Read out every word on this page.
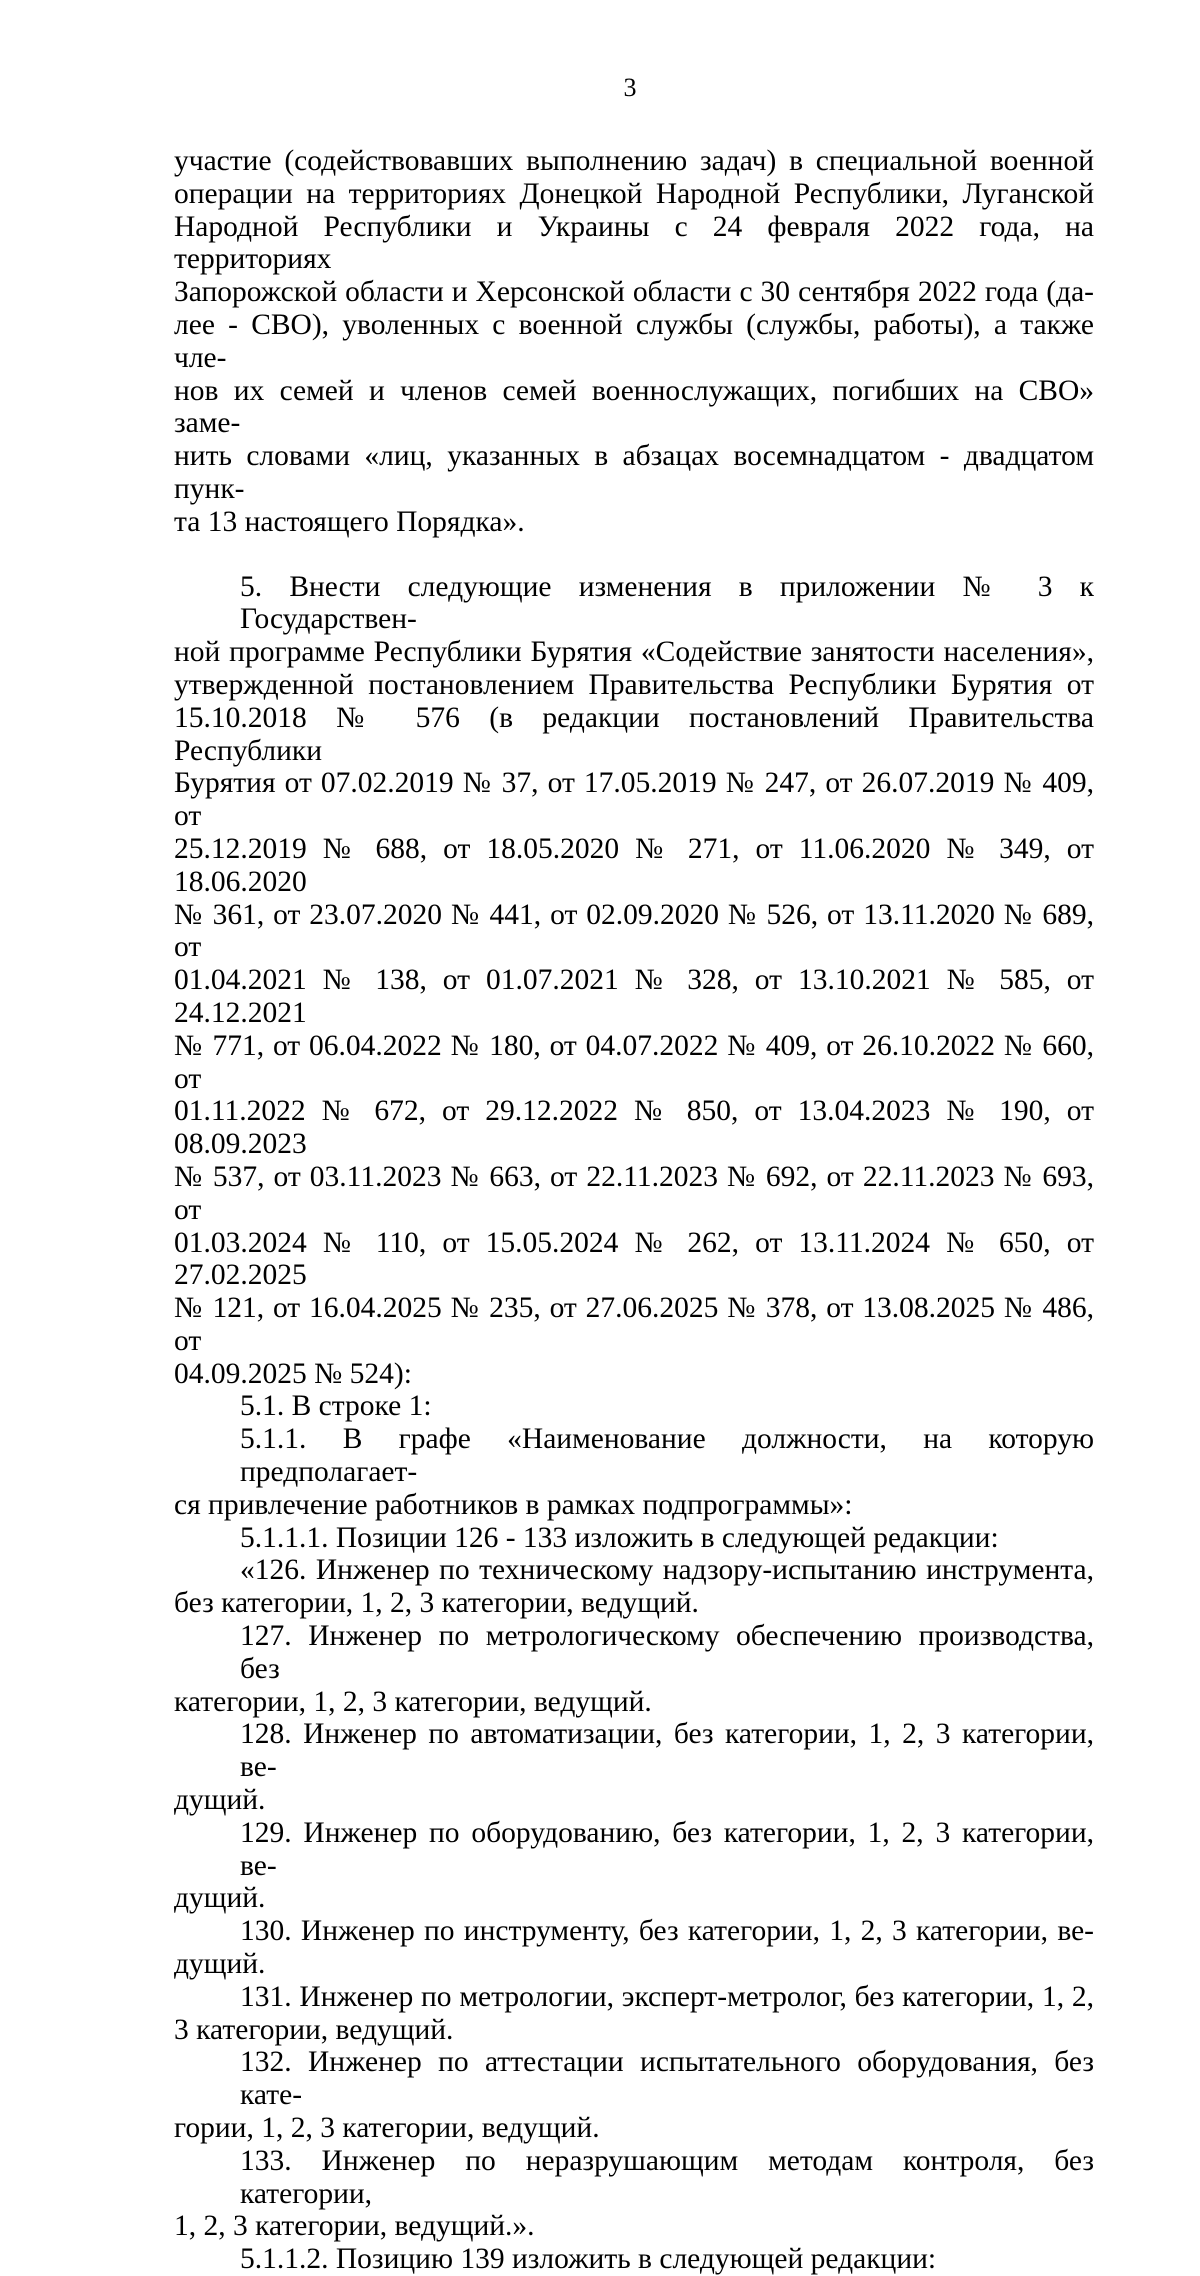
3

участие (содействовавших выполнению задач) в специальной военной

операции на территориях Донецкой Народной Республики, Луганской

Народной Республики и Украины с 24 февраля 2022 года, на территориях

Запорожской области и Херсонской области с 30 сентября 2022 года (да-

лее - СВО), уволенных с военной службы (службы, работы), а также чле-

нов их семей и членов семей военнослужащих, погибших на СВО» заме-

нить словами «лиц, указанных в абзацах восемнадцатом - двадцатом пунк-

та 13 настоящего Порядка».

5. Внести следующие изменения в приложении № 3 к Государствен-

ной программе Республики Бурятия «Содействие занятости населения»,

утвержденной постановлением Правительства Республики Бурятия от

15.10.2018 № 576 (в редакции постановлений Правительства Республики

Бурятия от 07.02.2019 № 37, от 17.05.2019 № 247, от 26.07.2019 № 409, от

25.12.2019 № 688, от 18.05.2020 № 271, от 11.06.2020 № 349, от 18.06.2020

№ 361, от 23.07.2020 № 441, от 02.09.2020 № 526, от 13.11.2020 № 689, от

01.04.2021 № 138, от 01.07.2021 № 328, от 13.10.2021 № 585, от 24.12.2021

№ 771, от 06.04.2022 № 180, от 04.07.2022 № 409, от 26.10.2022 № 660, от

01.11.2022 № 672, от 29.12.2022 № 850, от 13.04.2023 № 190, от 08.09.2023

№ 537, от 03.11.2023 № 663, от 22.11.2023 № 692, от 22.11.2023 № 693, от

01.03.2024 № 110, от 15.05.2024 № 262, от 13.11.2024 № 650, от 27.02.2025

№ 121, от 16.04.2025 № 235, от 27.06.2025 № 378, от 13.08.2025 № 486, от

04.09.2025 № 524):

5.1. В строке 1:

5.1.1. В графе «Наименование должности, на которую предполагает-

ся привлечение работников в рамках подпрограммы»:

5.1.1.1. Позиции 126 - 133 изложить в следующей редакции:

«126. Инженер по техническому надзору-испытанию инструмента,

без категории, 1, 2, 3 категории, ведущий.

127. Инженер по метрологическому обеспечению производства, без

категории, 1, 2, 3 категории, ведущий.

128. Инженер по автоматизации, без категории, 1, 2, 3 категории, ве-

дущий.

129. Инженер по оборудованию, без категории, 1, 2, 3 категории, ве-

дущий.

130. Инженер по инструменту, без категории, 1, 2, 3 категории, ве-

дущий.

131. Инженер по метрологии, эксперт-метролог, без категории, 1, 2,

3 категории, ведущий.

132. Инженер по аттестации испытательного оборудования, без кате-

гории, 1, 2, 3 категории, ведущий.

133. Инженер по неразрушающим методам контроля, без категории,

1, 2, 3 категории, ведущий.».

5.1.1.2. Позицию 139 изложить в следующей редакции:
